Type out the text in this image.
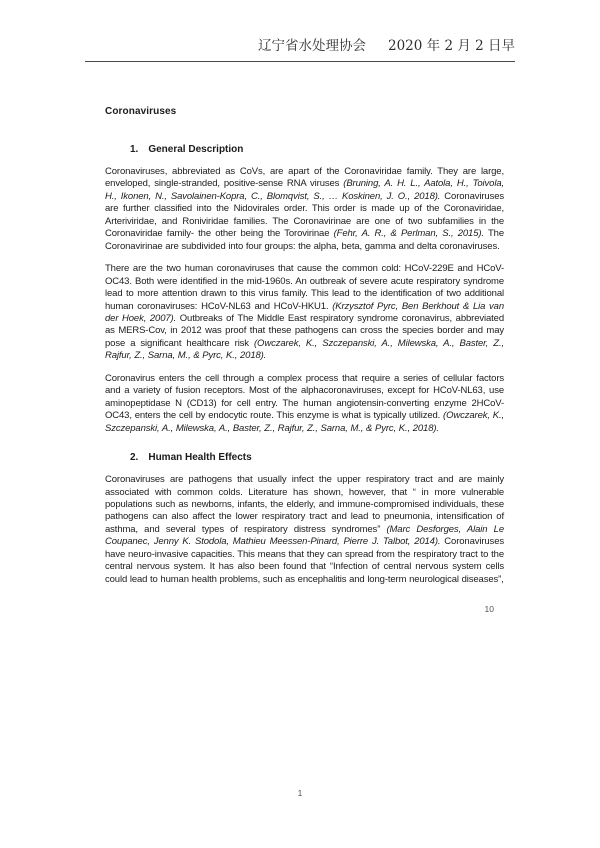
辽宁省水处理协会 2020 年 2 月 2 日早
Coronaviruses
1. General Description

Coronaviruses, abbreviated as CoVs, are apart of the Coronaviridae family. They are large, enveloped, single-stranded, positive-sense RNA viruses (Bruning, A. H. L., Aatola, H., Toivola, H., Ikonen, N., Savolainen-Kopra, C., Blomqvist, S., … Koskinen, J. O., 2018). Coronaviruses are further classified into the Nidovirales order. This order is made up of the Coronaviridae, Arteriviridae, and Roniviridae families. The Coronavirinae are one of two subfamilies in the Coronaviridae family- the other being the Torovirinae (Fehr, A. R., & Perlman, S., 2015). The Coronavirinae are subdivided into four groups: the alpha, beta, gamma and delta coronaviruses.

There are the two human coronaviruses that cause the common cold: HCoV-229E and HCoV-OC43. Both were identified in the mid-1960s. An outbreak of severe acute respiratory syndrome lead to more attention drawn to this virus family. This lead to the identification of two additional human coronaviruses: HCoV-NL63 and HCoV-HKU1. (Krzysztof Pyrc, Ben Berkhout & Lia van der Hoek, 2007). Outbreaks of The Middle East respiratory syndrome coronavirus, abbreviated as MERS-Cov, in 2012 was proof that these pathogens can cross the species border and may pose a significant healthcare risk (Owczarek, K., Szczepanski, A., Milewska, A., Baster, Z., Rajfur, Z., Sarna, M., & Pyrc, K., 2018).

Coronavirus enters the cell through a complex process that require a series of cellular factors and a variety of fusion receptors. Most of the alphacoronaviruses, except for HCoV-NL63, use aminopeptidase N (CD13) for cell entry. The human angiotensin-converting enzyme 2HCoV-OC43, enters the cell by endocytic route. This enzyme is what is typically utilized. (Owczarek, K., Szczepanski, A., Milewska, A., Baster, Z., Rajfur, Z., Sarna, M., & Pyrc, K., 2018).

2. Human Health Effects

Coronaviruses are pathogens that usually infect the upper respiratory tract and are mainly associated with common colds. Literature has shown, however, that “ in more vulnerable populations such as newborns, infants, the elderly, and immune-compromised individuals, these pathogens can also affect the lower respiratory tract and lead to pneumonia, intensification of asthma, and several types of respiratory distress syndromes” (Marc Desforges, Alain Le Coupanec, Jenny K. Stodola, Mathieu Meessen-Pinard, Pierre J. Talbot, 2014). Coronaviruses have neuro-invasive capacities. This means that they can spread from the respiratory tract to the central nervous system. It has also been found that “Infection of central nervous system cells could lead to human health problems, such as encephalitis and long-term neurological diseases”,

10
1
